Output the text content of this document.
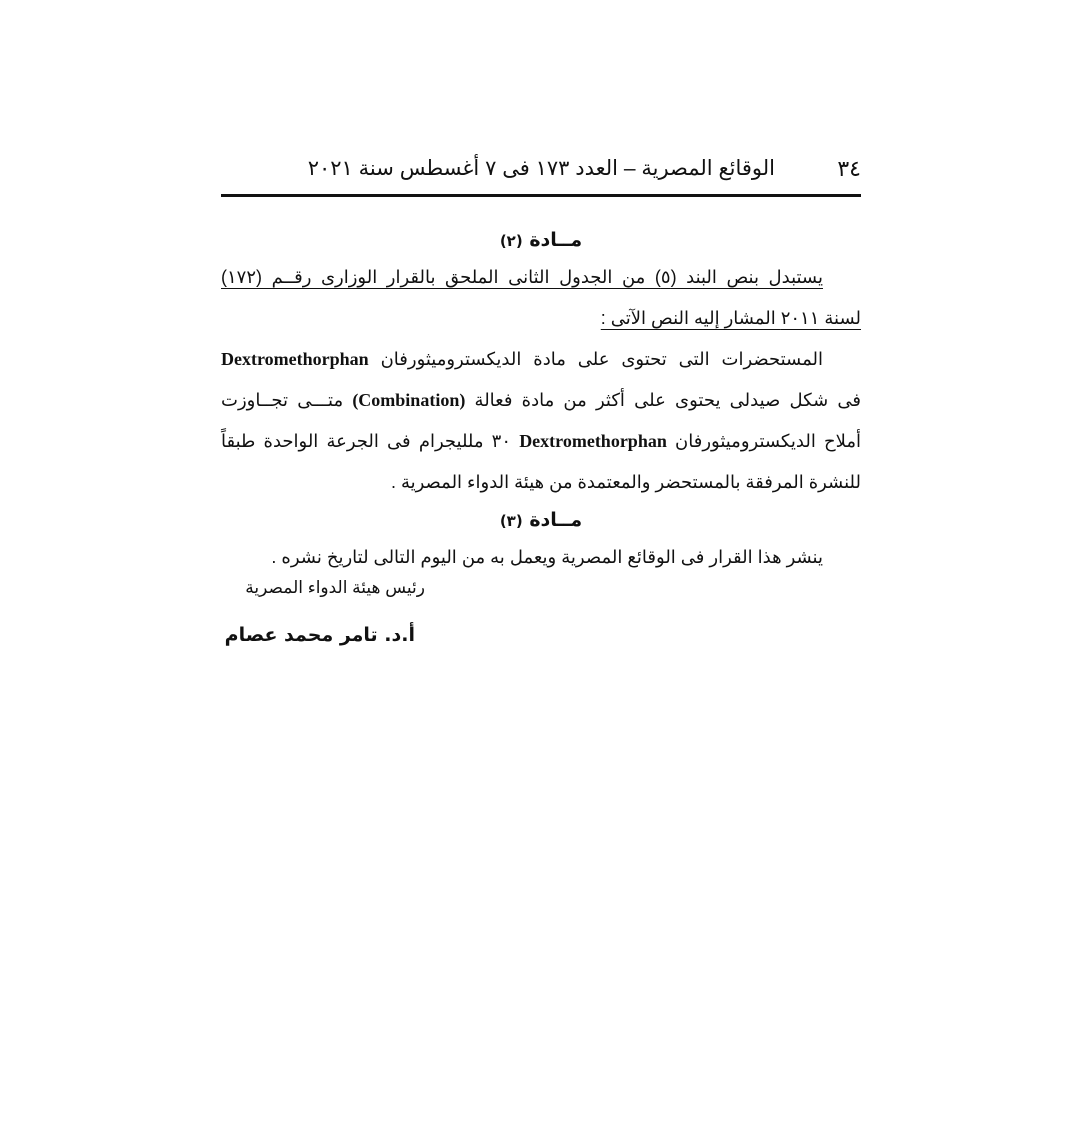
٣٤
الوقائع المصرية – العدد ١٧٣ فى ٧ أغسطس سنة ٢٠٢١
مــادة (٢)
يستبدل بنص البند (٥) من الجدول الثانى الملحق بالقرار الوزارى رقــم (١٧٢)
لسنة ٢٠١١ المشار إليه النص الآتى :
المستحضرات التى تحتوى على مادة الديكستروميثورفان Dextromethorphan
فى شكل صيدلى يحتوى على أكثر من مادة فعالة (Combination) متـــى تجــاوزت
أملاح الديكستروميثورفان Dextromethorphan ٣٠ ملليجرام فى الجرعة الواحدة طبقاً
للنشرة المرفقة بالمستحضر والمعتمدة من هيئة الدواء المصرية .
مــادة (٣)
ينشر هذا القرار فى الوقائع المصرية ويعمل به من اليوم التالى لتاريخ نشره .
رئيس هيئة الدواء المصرية
أ.د. تامر محمد عصام
